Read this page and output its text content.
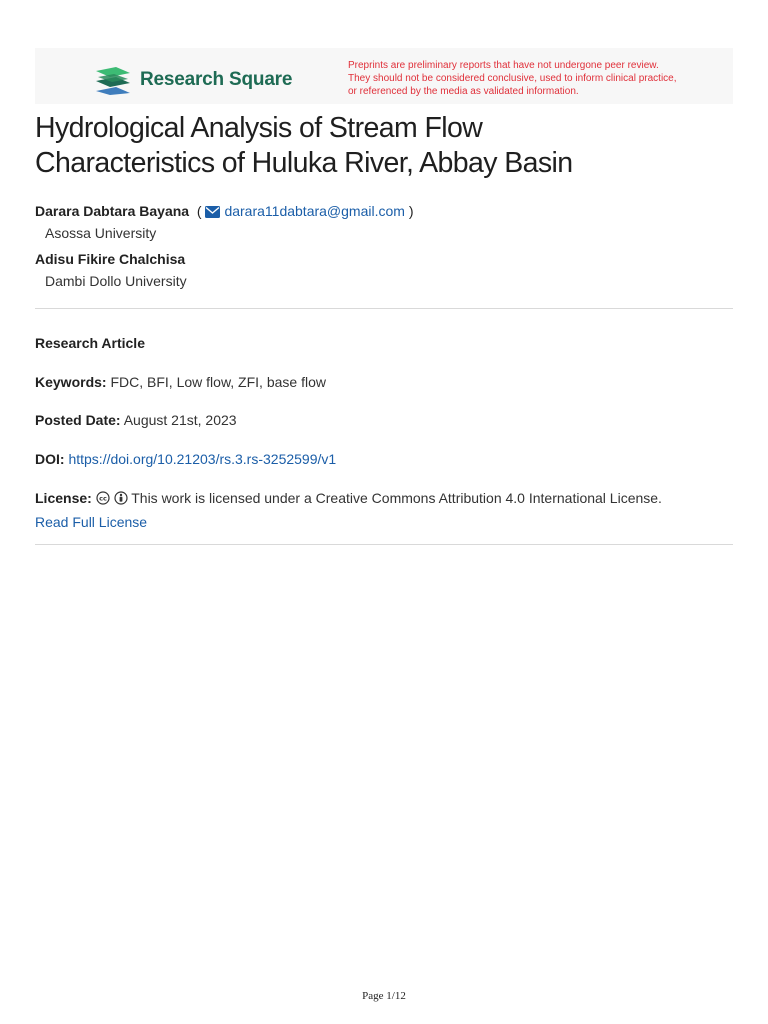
Research Square
Preprints are preliminary reports that have not undergone peer review.
They should not be considered conclusive, used to inform clinical practice,
or referenced by the media as validated information.
Hydrological Analysis of Stream Flow
Characteristics of Huluka River, Abbay Basin
Darara Dabtara Bayana  ( darara11dabtara@gmail.com )
Asossa University
Adisu Fikire Chalchisa
Dambi Dollo University
Research Article
Keywords: FDC, BFI, Low flow, ZFI, base flow
Posted Date: August 21st, 2023
DOI: https://doi.org/10.21203/rs.3.rs-3252599/v1
License: cc This work is licensed under a Creative Commons Attribution 4.0 International License.
Read Full License
Page 1/12
